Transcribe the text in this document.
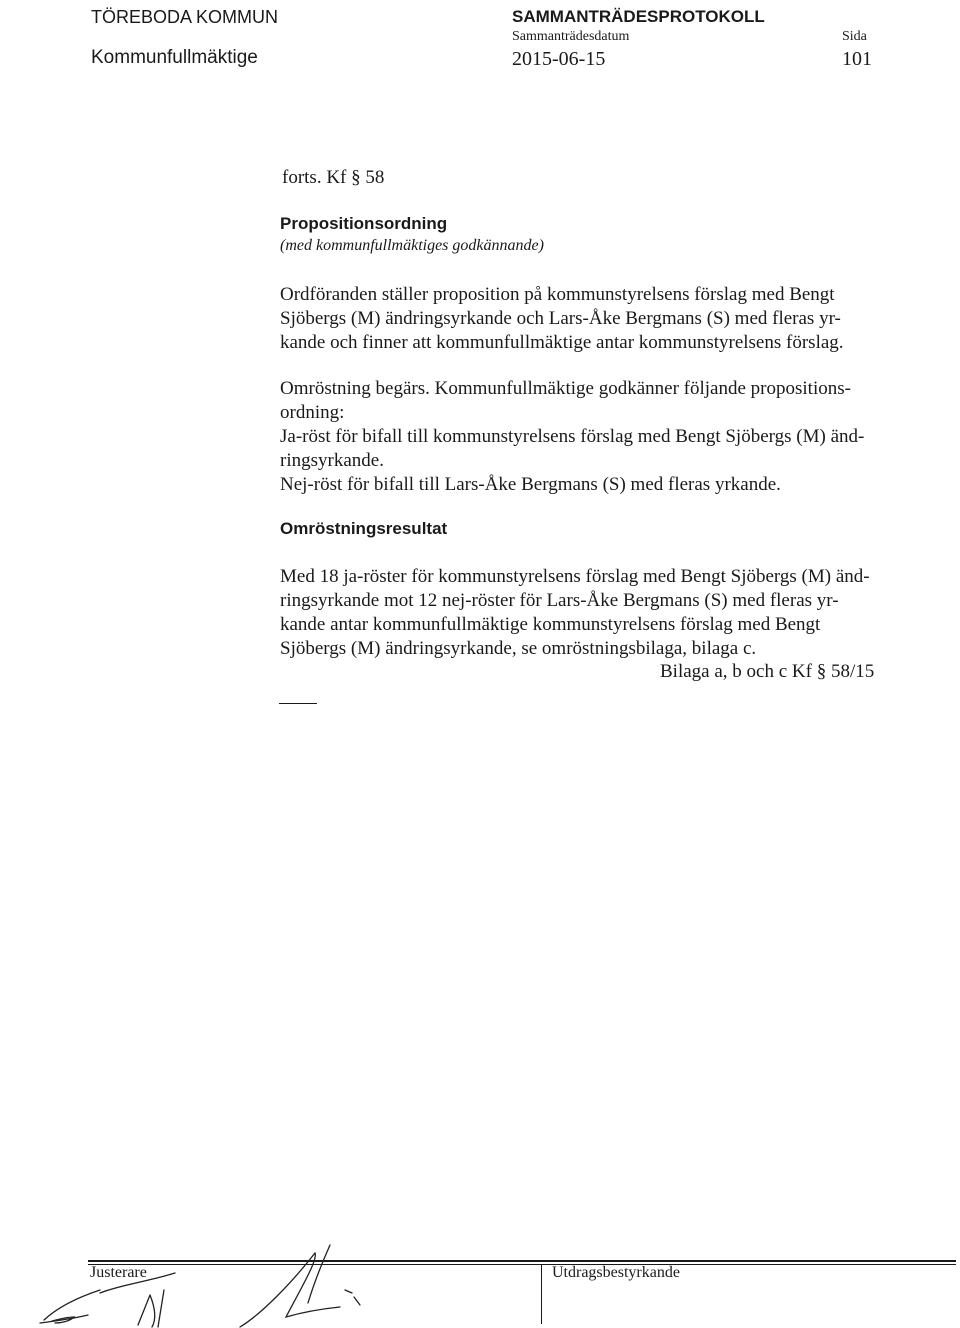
TÖREBODA KOMMUN
Kommunfullmäktige
SAMMANTRÄDESPROTOKOLL
Sammanträdesdatum
2015-06-15
Sida
101
forts. Kf § 58
Propositionsordning
(med kommunfullmäktiges godkännande)

Ordföranden ställer proposition på kommunstyrelsens förslag med Bengt

Sjöbergs (M) ändringsyrkande och Lars-Åke Bergmans (S) med fleras yr-

kande och finner att kommunfullmäktige antar kommunstyrelsens förslag.

Omröstning begärs. Kommunfullmäktige godkänner följande propositions-

ordning:

Ja-röst för bifall till kommunstyrelsens förslag med Bengt Sjöbergs (M) änd-

ringsyrkande.

Nej-röst för bifall till Lars-Åke Bergmans (S) med fleras yrkande.

Omröstningsresultat

Med 18 ja-röster för kommunstyrelsens förslag med Bengt Sjöbergs (M) änd-

ringsyrkande mot 12 nej-röster för Lars-Åke Bergmans (S) med fleras yr-

kande antar kommunfullmäktige kommunstyrelsens förslag med Bengt

Sjöbergs (M) ändringsyrkande, se omröstningsbilaga, bilaga c.

Bilaga a, b och c Kf § 58/15
Justerare	Utdragsbestyrkande
